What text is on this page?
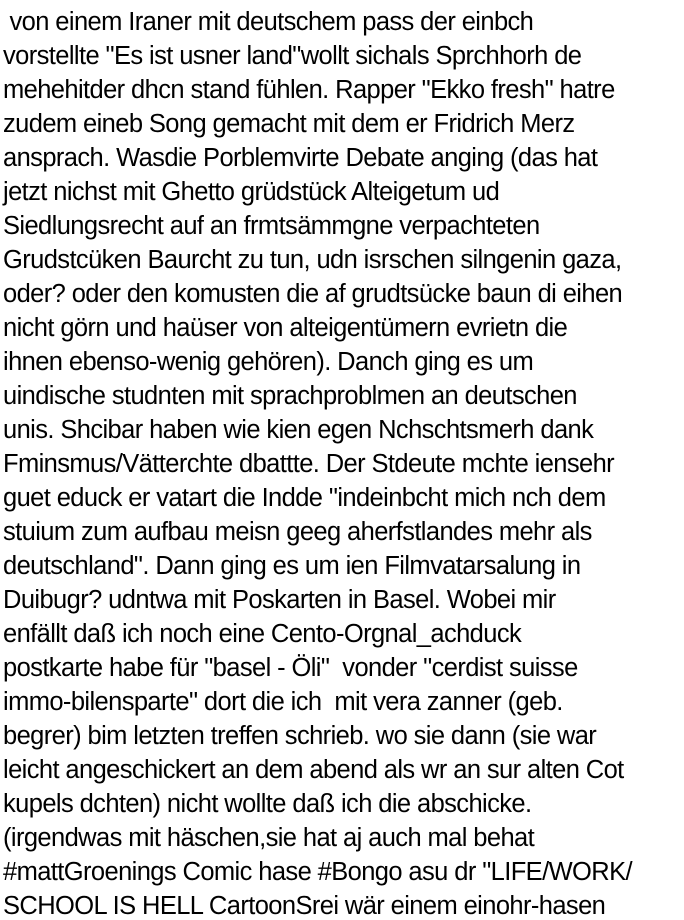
von einem Iraner mit deutschem pass der einbch
vorstellte "Es ist usner land"wollt sichals Sprchhorh de
mehehitder dhcn stand fühlen. Rapper "Ekko fresh" hatre
zudem eineb Song gemacht mit dem er Fridrich Merz
ansprach. Wasdie Porblemvirte Debate anging (das hat
jetzt nichst mit Ghetto grüdstück Alteigetum ud
Siedlungsrecht auf an frmtsämmgne verpachteten
Grudstcüken Baurcht zu tun, udn isrschen silngenin gaza,
oder? oder den komusten die af grudtsücke baun di eihen
nicht görn und haüser von alteigentümern evrietn die
ihnen ebenso-wenig gehören). Danch ging es um
uindische studnten mit sprachproblmen an deutschen
unis. Shcibar haben wie kien egen Nchschtsmerh dank
Fminsmus/Vätterchte dbattte. Der Stdeute mchte iensehr
guet educk er vatart die Indde "indeinbcht mich nch dem
stuium zum aufbau meisn geeg aherfstlandes mehr als
deutschland". Dann ging es um ien Filmvatarsalung in
Duibugr? udntwa mit Poskarten in Basel. Wobei mir
enfällt daß ich noch eine Cento-Orgnal_achduck
postkarte habe für "basel - Öli"  vonder "cerdist suisse
immo-bilensparte" dort die ich  mit vera zanner (geb.
begrer) bim letzten treffen schrieb. wo sie dann (sie war
leicht angeschickert an dem abend als wr an sur alten Cot
kupels dchten) nicht wollte daß ich die abschicke.
(irgendwas mit häschen,sie hat aj auch mal behat
#mattGroenings Comic hase #Bongo asu dr "LIFE/WORK/
SCHOOL IS HELL CartoonSrei wär einem einohr-hasen
